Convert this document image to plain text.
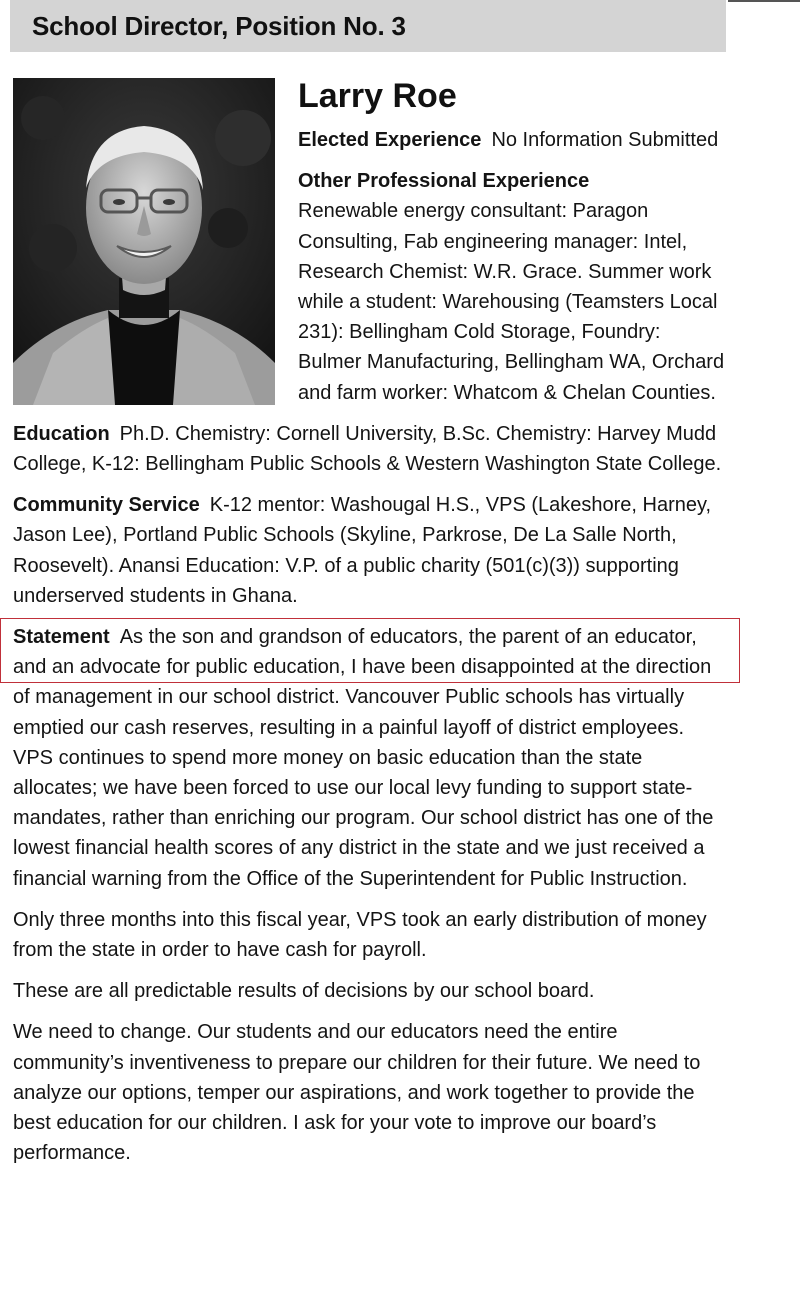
School Director, Position No. 3
Larry Roe

Elected Experience No Information Submitted

Other Professional Experience
Renewable energy consultant: Paragon Consulting, Fab engineering manager: Intel, Research Chemist: W.R. Grace. Summer work while a student: Warehousing (Teamsters Local 231): Bellingham Cold Storage, Foundry: Bulmer Manufacturing, Bellingham WA, Orchard and farm worker: Whatcom & Chelan Counties.

Education Ph.D. Chemistry: Cornell University, B.Sc. Chemistry: Harvey Mudd College, K-12: Bellingham Public Schools & Western Washington State College.

Community Service K-12 mentor: Washougal H.S., VPS (Lakeshore, Harney, Jason Lee), Portland Public Schools (Skyline, Parkrose, De La Salle North, Roosevelt). Anansi Education: V.P. of a public charity (501(c)(3)) supporting underserved students in Ghana.

Statement As the son and grandson of educators, the parent of an educator, and an advocate for public education, I have been disappointed at the direction of management in our school district. Vancouver Public schools has virtually emptied our cash reserves, resulting in a painful layoff of district employees. VPS continues to spend more money on basic education than the state allocates; we have been forced to use our local levy funding to support state-mandates, rather than enriching our program. Our school district has one of the lowest financial health scores of any district in the state and we just received a financial warning from the Office of the Superintendent for Public Instruction.

Only three months into this fiscal year, VPS took an early distribution of money from the state in order to have cash for payroll.

These are all predictable results of decisions by our school board.

We need to change. Our students and our educators need the entire community’s inventiveness to prepare our children for their future. We need to analyze our options, temper our aspirations, and work together to provide the best education for our children. I ask for your vote to improve our board’s performance.
